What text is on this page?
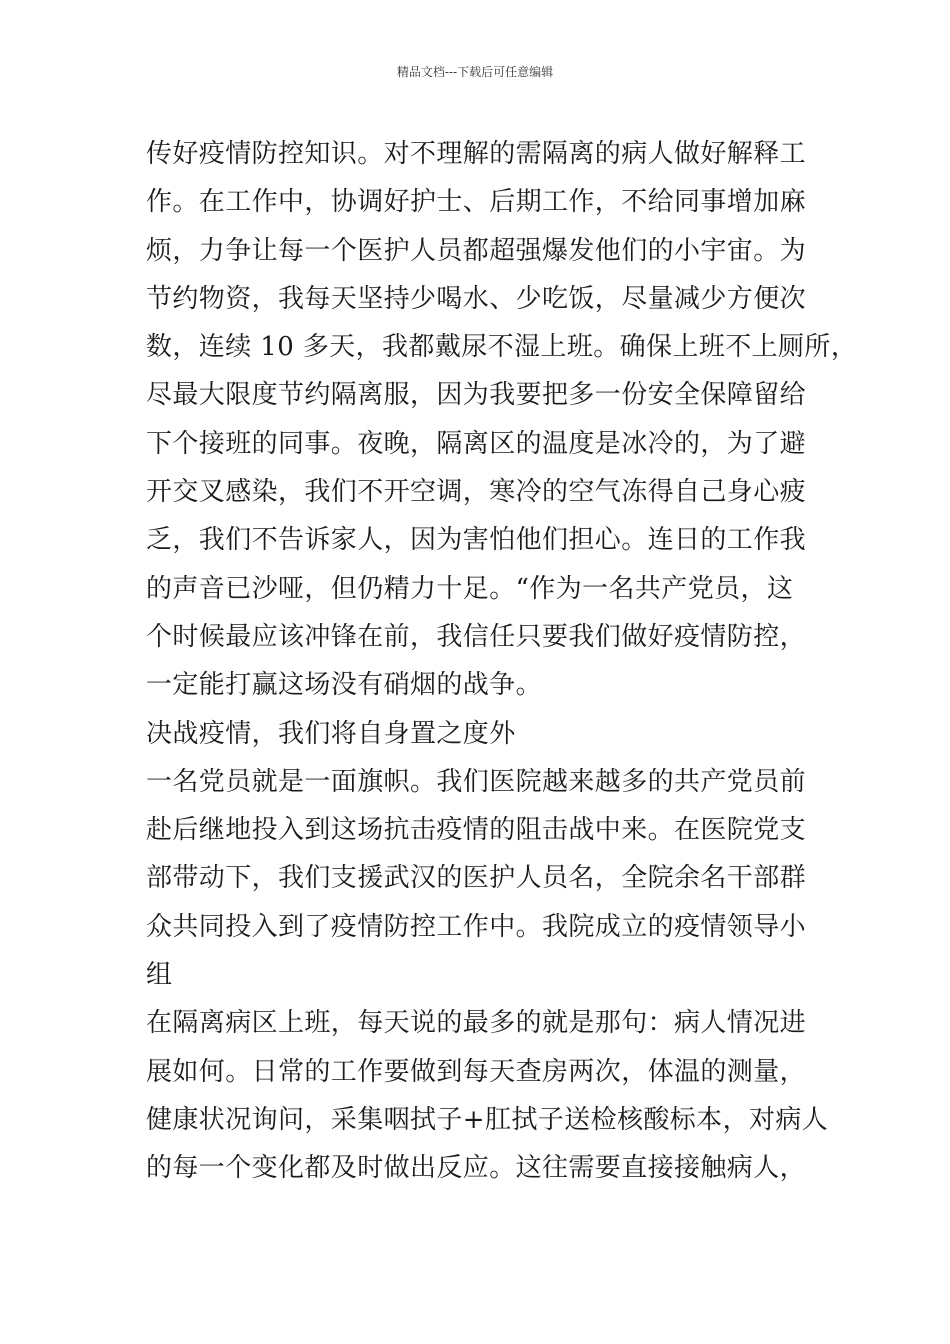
精品文档---下载后可任意编辑
传好疫情防控知识。对不理解的需隔离的病人做好解释工
作。在工作中，协调好护士、后期工作，不给同事增加麻
烦，力争让每一个医护人员都超强爆发他们的小宇宙。为
节约物资，我每天坚持少喝水、少吃饭，尽量减少方便次
数，连续 10 多天，我都戴尿不湿上班。确保上班不上厕所，
尽最大限度节约隔离服，因为我要把多一份安全保障留给
下个接班的同事。夜晚，隔离区的温度是冰冷的，为了避
开交叉感染，我们不开空调，寒冷的空气冻得自己身心疲
乏，我们不告诉家人，因为害怕他们担心。连日的工作我
的声音已沙哑，但仍精力十足。“作为一名共产党员，这
个时候最应该冲锋在前，我信任只要我们做好疫情防控，
一定能打赢这场没有硝烟的战争。
决战疫情，我们将自身置之度外
一名党员就是一面旗帜。我们医院越来越多的共产党员前
赴后继地投入到这场抗击疫情的阻击战中来。在医院党支
部带动下，我们支援武汉的医护人员名，全院余名干部群
众共同投入到了疫情防控工作中。我院成立的疫情领导小
组
在隔离病区上班，每天说的最多的就是那句：病人情况进
展如何。日常的工作要做到每天查房两次，体温的测量，
健康状况询问，采集咽拭子+肛拭子送检核酸标本，对病人
的每一个变化都及时做出反应。这往需要直接接触病人，
